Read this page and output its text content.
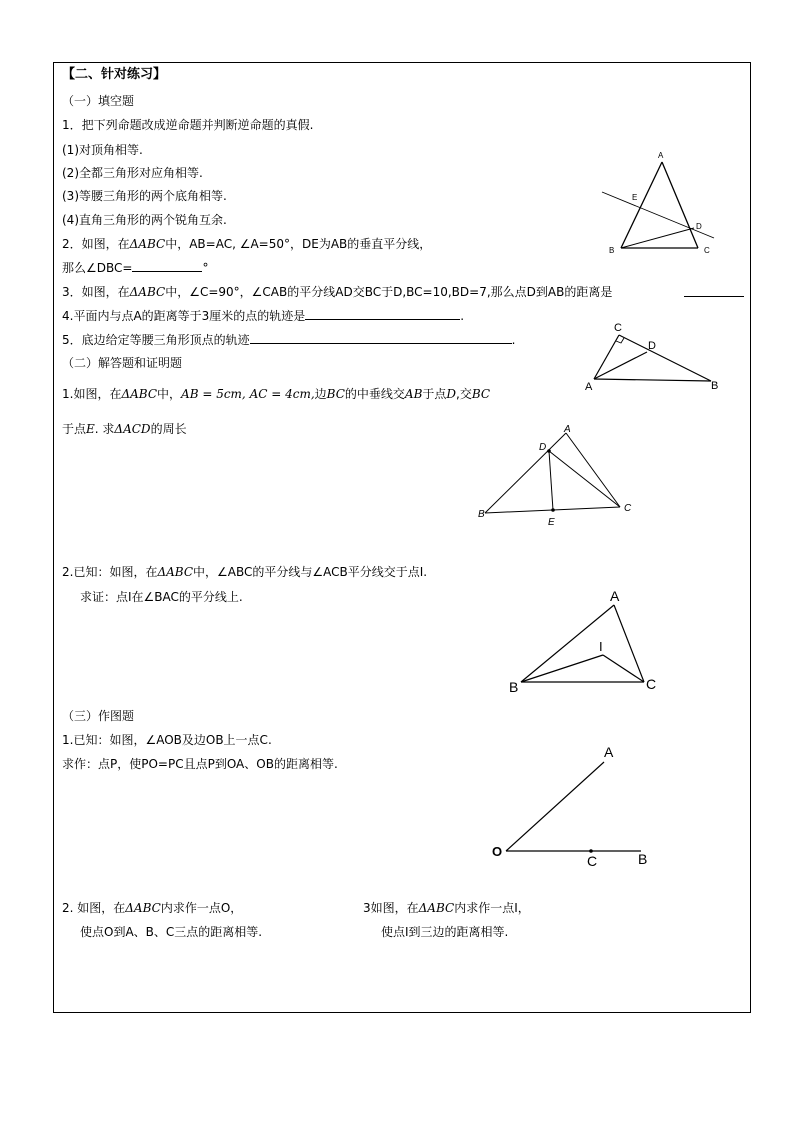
【二、针对练习】
（一）填空题
1．把下列命题改成逆命题并判断逆命题的真假.
(1)对顶角相等.
(2)全都三角形对应角相等.
(3)等腰三角形的两个底角相等.
(4)直角三角形的两个锐角互余.
2．如图，在ΔABC中，AB=AC, ∠A=50°，DE为AB的垂直平分线，
那么∠DBC=	°
3．如图，在ΔABC中，∠C=90°，∠CAB的平分线AD交BC于D,BC=10,BD=7,那么点D到AB的距离是
4.平面内与点A的距离等于3厘米的点的轨迹是	.
5．底边给定等腰三角形顶点的轨迹	.
（二）解答题和证明题
1.如图，在ΔABC中，AB = 5cm, AC = 4cm,边BC的中垂线交AB于点D,交BC
于点E. 求ΔACD的周长
2.已知：如图，在ΔABC中，∠ABC的平分线与∠ACB平分线交于点I.
求证：点I在∠BAC的平分线上.
（三）作图题
1.已知：如图，∠AOB及边OB上一点C.
求作：点P，使PO=PC且点P到OA、OB的距离相等.
2. 如图，在ΔABC内求作一点O，
使点O到A、B、C三点的距离相等.
3如图，在ΔABC内求作一点I，
使点I到三边的距离相等.
A
B	C
D
E
C
A	B
D
A
D
B
C
E
A
B	C
I
O
A
B
C
